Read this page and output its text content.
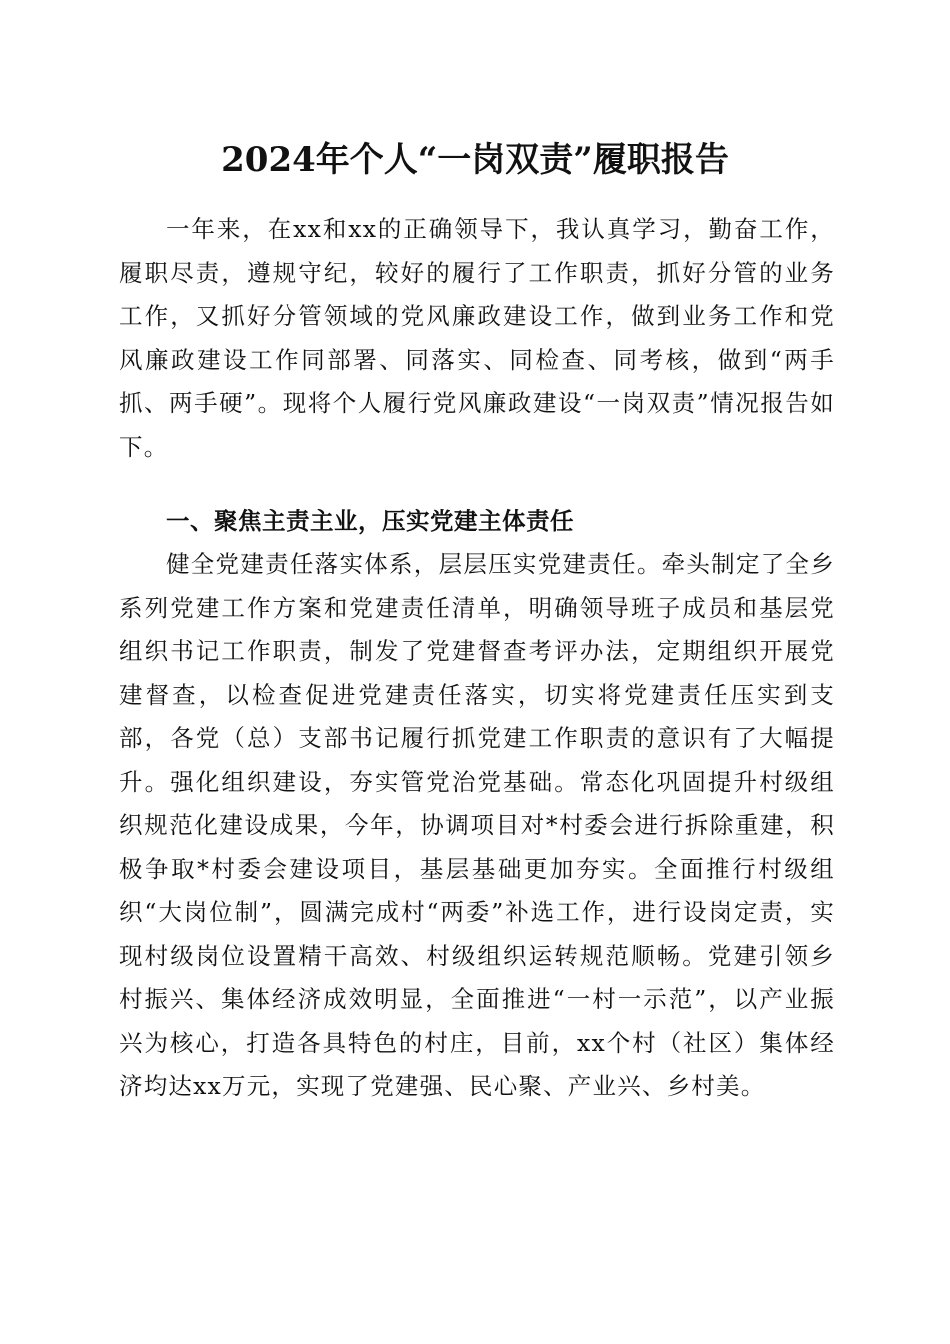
2024年个人“一岗双责”履职报告
一年来，在xx和xx的正确领导下，我认真学习，勤奋工作，履职尽责，遵规守纪，较好的履行了工作职责，抓好分管的业务工作，又抓好分管领域的党风廉政建设工作，做到业务工作和党风廉政建设工作同部署、同落实、同检查、同考核，做到“两手抓、两手硬”。现将个人履行党风廉政建设“一岗双责”情况报告如下。
一、聚焦主责主业，压实党建主体责任
健全党建责任落实体系，层层压实党建责任。牵头制定了全乡系列党建工作方案和党建责任清单，明确领导班子成员和基层党组织书记工作职责，制发了党建督查考评办法，定期组织开展党建督查，以检查促进党建责任落实，切实将党建责任压实到支部，各党（总）支部书记履行抓党建工作职责的意识有了大幅提升。强化组织建设，夯实管党治党基础。常态化巩固提升村级组织规范化建设成果，今年，协调项目对*村委会进行拆除重建，积极争取*村委会建设项目，基层基础更加夯实。全面推行村级组织“大岗位制”，圆满完成村“两委”补选工作，进行设岗定责，实现村级岗位设置精干高效、村级组织运转规范顺畅。党建引领乡村振兴、集体经济成效明显，全面推进“一村一示范”，以产业振兴为核心，打造各具特色的村庄，目前，xx个村（社区）集体经济均达xx万元，实现了党建强、民心聚、产业兴、乡村美。
